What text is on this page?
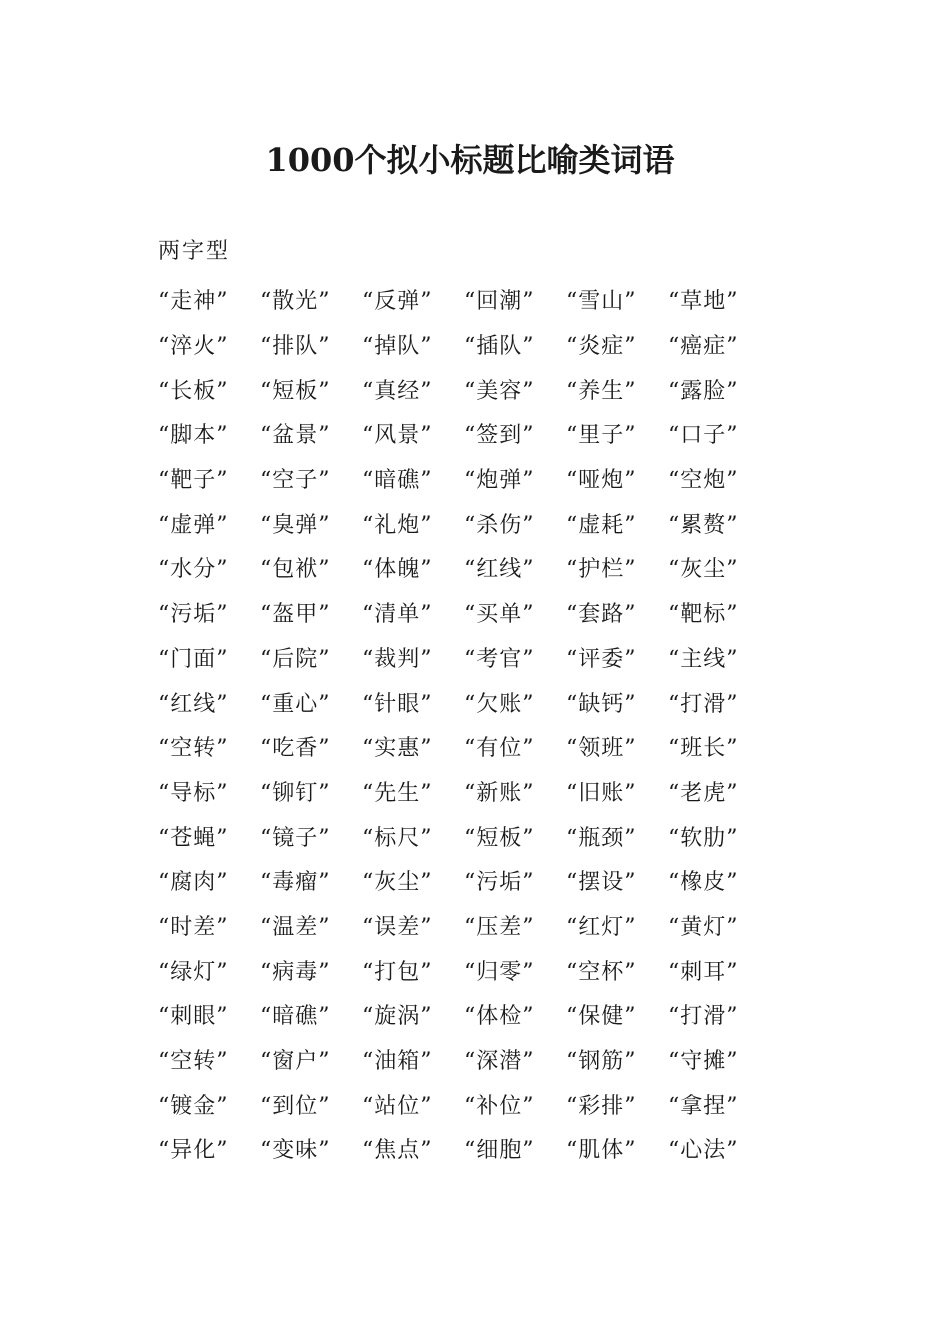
1000个拟小标题比喻类词语

两字型

“走神”	“散光”	“反弹”	“回潮”	“雪山”	“草地”
“淬火”	“排队”	“掉队”	“插队”	“炎症”	“癌症”
“长板”	“短板”	“真经”	“美容”	“养生”	“露脸”
“脚本”	“盆景”	“风景”	“签到”	“里子”	“口子”
“靶子”	“空子”	“暗礁”	“炮弹”	“哑炮”	“空炮”
“虚弹”	“臭弹”	“礼炮”	“杀伤”	“虚耗”	“累赘”
“水分”	“包袱”	“体魄”	“红线”	“护栏”	“灰尘”
“污垢”	“盔甲”	“清单”	“买单”	“套路”	“靶标”
“门面”	“后院”	“裁判”	“考官”	“评委”	“主线”
“红线”	“重心”	“针眼”	“欠账”	“缺钙”	“打滑”
“空转”	“吃香”	“实惠”	“有位”	“领班”	“班长”
“导标”	“铆钉”	“先生”	“新账”	“旧账”	“老虎”
“苍蝇”	“镜子”	“标尺”	“短板”	“瓶颈”	“软肋”
“腐肉”	“毒瘤”	“灰尘”	“污垢”	“摆设”	“橡皮”
“时差”	“温差”	“误差”	“压差”	“红灯”	“黄灯”
“绿灯”	“病毒”	“打包”	“归零”	“空杯”	“刺耳”
“刺眼”	“暗礁”	“旋涡”	“体检”	“保健”	“打滑”
“空转”	“窗户”	“油箱”	“深潜”	“钢筋”	“守摊”
“镀金”	“到位”	“站位”	“补位”	“彩排”	“拿捏”
“异化”	“变味”	“焦点”	“细胞”	“肌体”	“心法”
